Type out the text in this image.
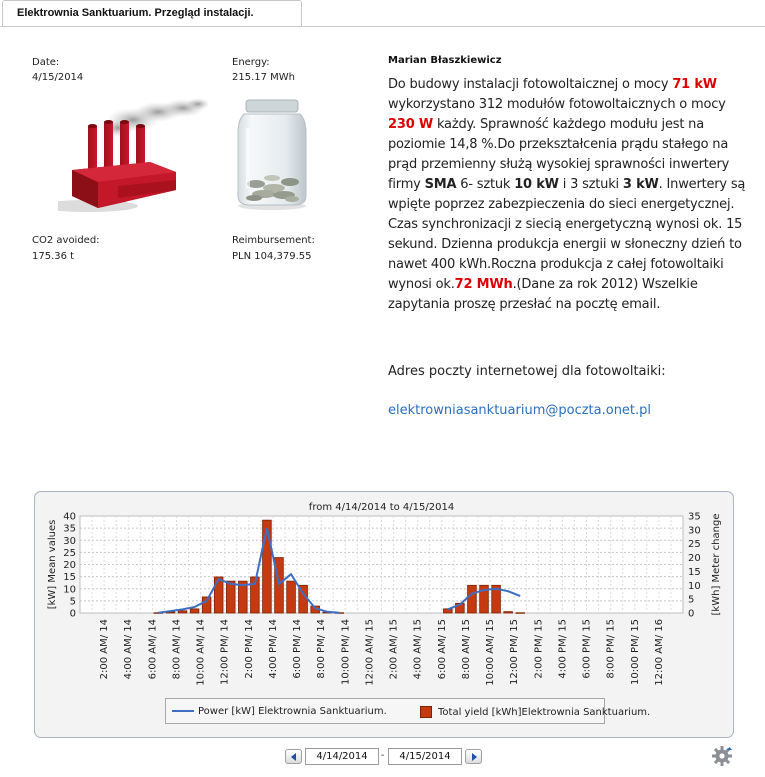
Elektrownia Sanktuarium. Przegląd instalacji.
Date:
4/15/2014
Energy:
215.17 MWh
CO2 avoided:
175.36 t
Reimbursement:
PLN 104,379.55
Marian Błaszkiewicz
Do budowy instalacji fotowoltaicznej o mocy 71 kW wykorzystano 312 modułów fotowoltaicznych o mocy 230 W każdy. Sprawność każdego modułu jest na poziomie 14,8 %.Do przekształcenia prądu stałego na prąd przemienny służą wysokiej sprawności inwertery firmy SMA 6- sztuk 10 kW i 3 sztuki 3 kW. Inwertery są wpięte poprzez zabezpieczenia do sieci energetycznej. Czas synchronizacji z siecią energetyczną wynosi ok. 15 sekund. Dzienna produkcja energii w słoneczny dzień to nawet 400 kWh.Roczna produkcja z całej fotowoltaiki wynosi ok.72 MWh.(Dane za rok 2012) Wszelkie zapytania proszę przesłać na pocztę email.
Adres poczty internetowej dla fotowoltaiki:
elektrowniasanktuarium@poczta.onet.pl
from 4/14/2014 to 4/15/2014
0
5
10
15
20
25
30
35
40
0
5
10
15
20
25
30
35
[kW] Mean values	[kWh] Meter change
2:00 AM/ 14 4:00 AM/ 14 6:00 AM/ 14 8:00 AM/ 14 10:00 AM/ 14 12:00 PM/ 14 2:00 PM/ 14 4:00 PM/ 14 6:00 PM/ 14 8:00 PM/ 14 10:00 PM/ 14 12:00 AM/ 15 2:00 AM/ 15 4:00 AM/ 15 6:00 AM/ 15 8:00 AM/ 15 10:00 AM/ 15 12:00 PM/ 15 2:00 PM/ 15 4:00 PM/ 15 6:00 PM/ 15 8:00 PM/ 15 10:00 PM/ 15 12:00 AM/ 16
Power [kW] Elektrownia Sanktuarium.	Total yield [kWh]Elektrownia Sanktuarium.
4/14/2014	-	4/15/2014
